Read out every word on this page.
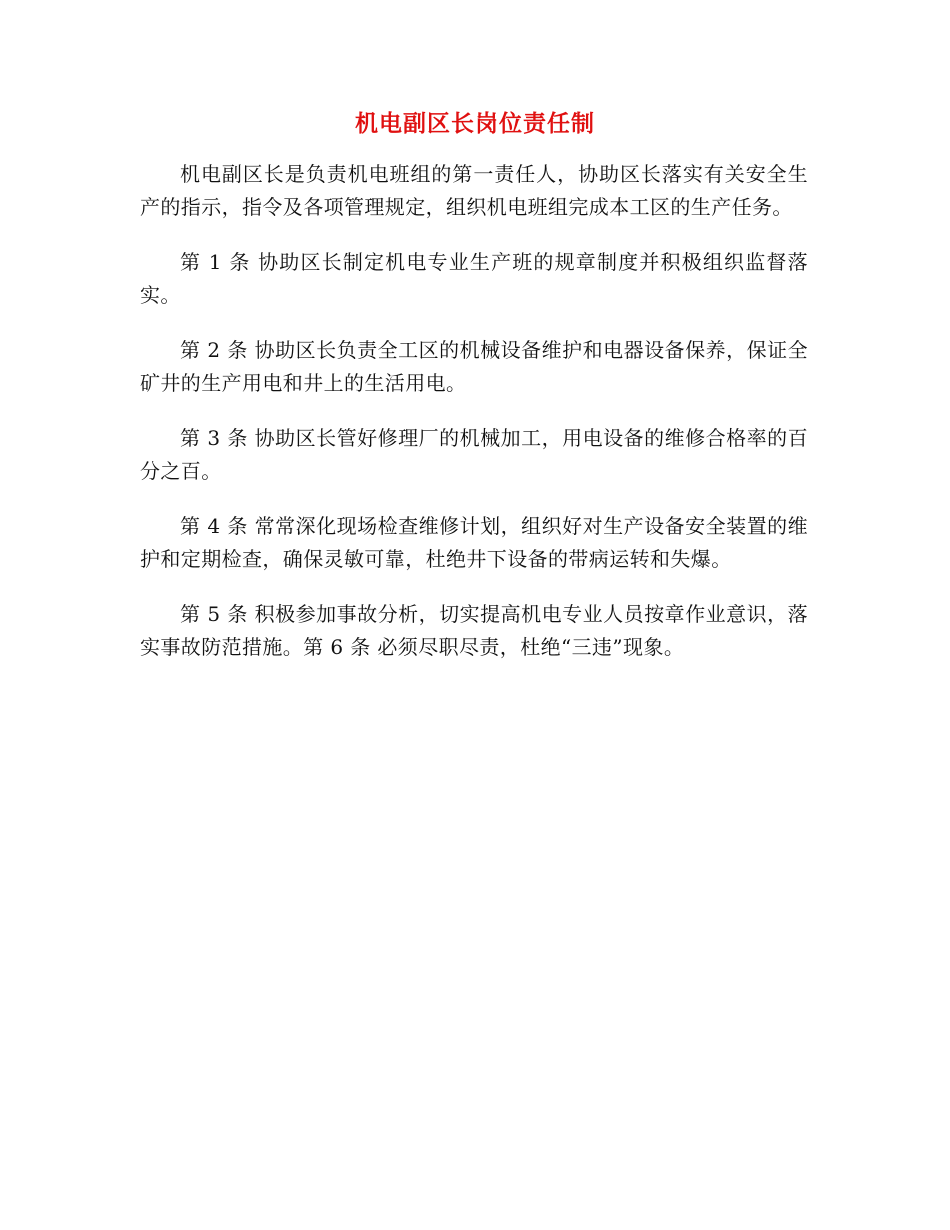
机电副区长岗位责任制

机电副区长是负责机电班组的第一责任人，协助区长落实有关安全生产的指示，指令及各项管理规定，组织机电班组完成本工区的生产任务。

第 1 条 协助区长制定机电专业生产班的规章制度并积极组织监督落实。

第 2 条 协助区长负责全工区的机械设备维护和电器设备保养，保证全矿井的生产用电和井上的生活用电。

第 3 条 协助区长管好修理厂的机械加工，用电设备的维修合格率的百分之百。

第 4 条 常常深化现场检查维修计划，组织好对生产设备安全装置的维护和定期检查，确保灵敏可靠，杜绝井下设备的带病运转和失爆。

第 5 条 积极参加事故分析，切实提高机电专业人员按章作业意识，落实事故防范措施。第 6 条 必须尽职尽责，杜绝“三违”现象。
